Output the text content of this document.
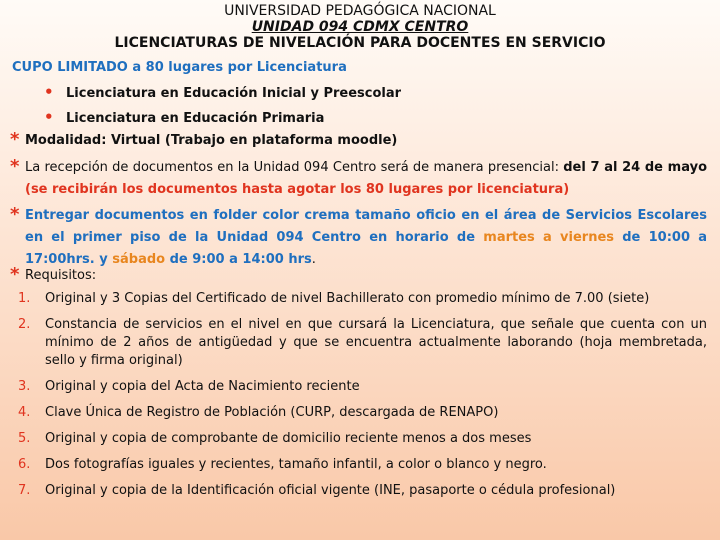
UNIVERSIDAD PEDAGÓGICA NACIONAL
UNIDAD 094 CDMX CENTRO
LICENCIATURAS DE NIVELACIÓN PARA DOCENTES EN SERVICIO
CUPO LIMITADO a 80 lugares por Licenciatura
• Licenciatura en Educación Inicial y Preescolar
• Licenciatura en Educación Primaria
* Modalidad: Virtual (Trabajo en plataforma moodle)
* La recepción de documentos en la Unidad 094 Centro será de manera presencial: del 7 al 24 de mayo (se recibirán los documentos hasta agotar los 80 lugares por licenciatura)
* Entregar documentos en folder color crema tamaño oficio en el área de Servicios Escolares en el primer piso de la Unidad 094 Centro en horario de martes a viernes de 10:00 a 17:00hrs. y sábado de 9:00 a 14:00 hrs.
* Requisitos:
1. Original y 3 Copias del Certificado de nivel Bachillerato con promedio mínimo de 7.00 (siete)
2. Constancia de servicios en el nivel en que cursará la Licenciatura, que señale que cuenta con un mínimo de 2 años de antigüedad y que se encuentra actualmente laborando (hoja membretada, sello y firma original)
3. Original y copia del Acta de Nacimiento reciente
4. Clave Única de Registro de Población (CURP, descargada de RENAPO)
5. Original y copia de comprobante de domicilio reciente menos a dos meses
6. Dos fotografías iguales y recientes, tamaño infantil, a color o blanco y negro.
7. Original y copia de la Identificación oficial vigente (INE, pasaporte o cédula profesional)
